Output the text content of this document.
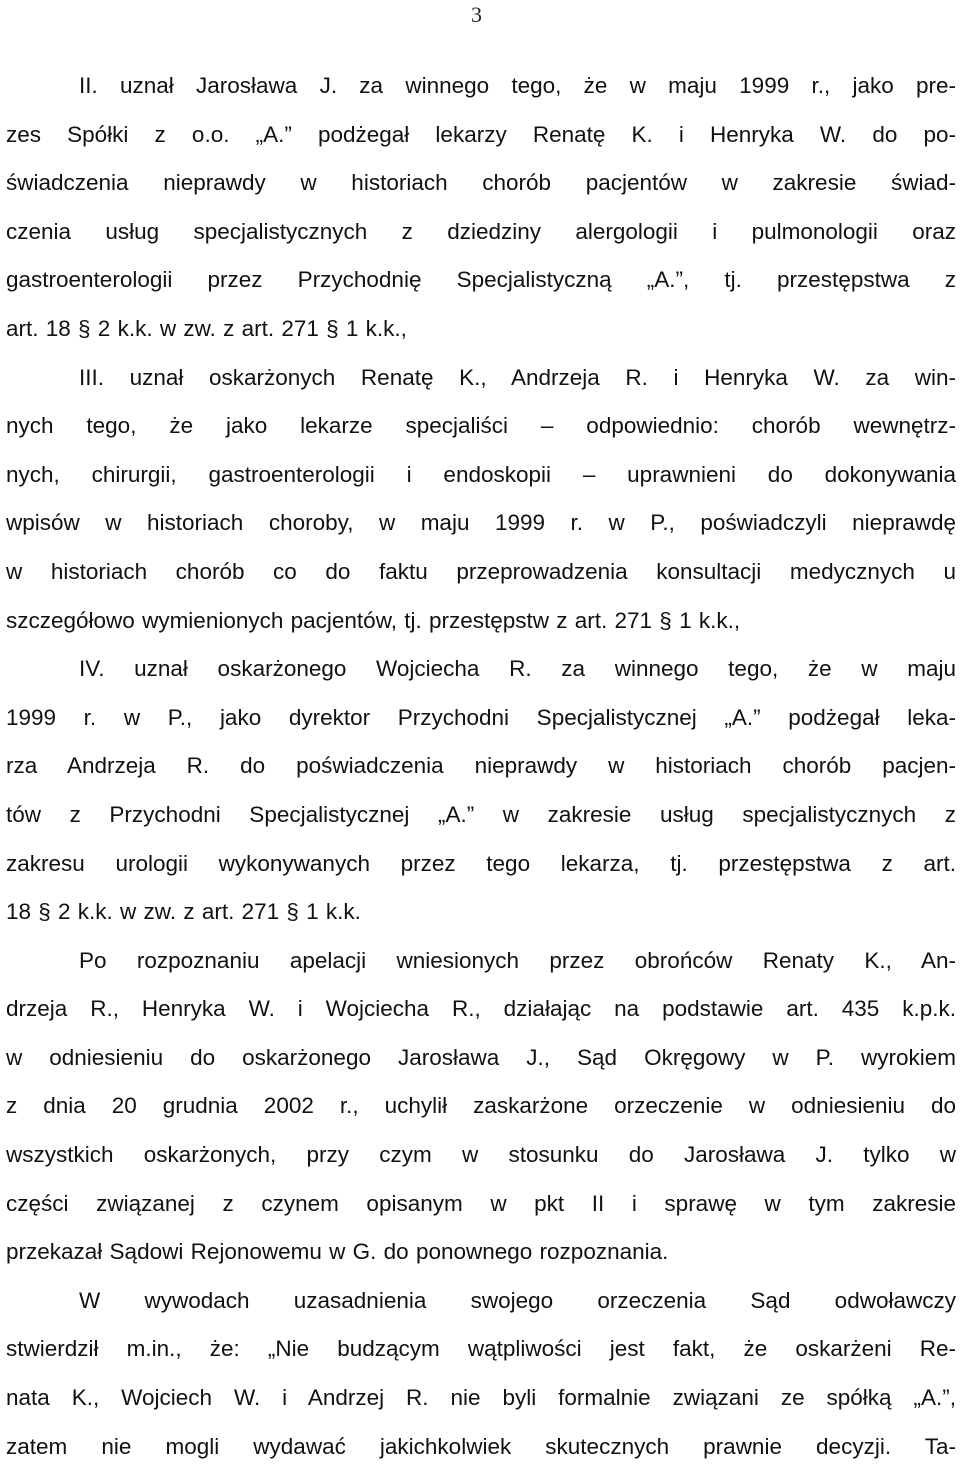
3
II. uznał Jarosława J. za winnego tego, że w maju 1999 r., jako pre-
zes Spółki z o.o. „A.” podżegał lekarzy Renatę K. i Henryka W. do po-
świadczenia nieprawdy w historiach chorób pacjentów w zakresie świad-
czenia usług specjalistycznych z dziedziny alergologii i pulmonologii oraz
gastroenterologii przez Przychodnię Specjalistyczną „A.”, tj. przestępstwa z
art. 18 § 2 k.k. w zw. z art. 271 § 1 k.k.,
III. uznał oskarżonych Renatę K., Andrzeja R. i Henryka W. za win-
nych tego, że jako lekarze specjaliści – odpowiednio: chorób wewnętrz-
nych, chirurgii, gastroenterologii i endoskopii – uprawnieni do dokonywania
wpisów w historiach choroby, w maju 1999 r. w P., poświadczyli nieprawdę
w historiach chorób co do faktu przeprowadzenia konsultacji medycznych u
szczegółowo wymienionych pacjentów, tj. przestępstw z art. 271 § 1 k.k.,
IV. uznał oskarżonego Wojciecha R. za winnego tego, że w maju
1999 r. w P., jako dyrektor Przychodni Specjalistycznej „A.” podżegał leka-
rza Andrzeja R. do poświadczenia nieprawdy w historiach chorób pacjen-
tów z Przychodni Specjalistycznej „A.” w zakresie usług specjalistycznych z
zakresu urologii wykonywanych przez tego lekarza, tj. przestępstwa z art.
18 § 2 k.k. w zw. z art. 271 § 1 k.k.
Po rozpoznaniu apelacji wniesionych przez obrońców Renaty K., An-
drzeja R., Henryka W. i Wojciecha R., działając na podstawie art. 435 k.p.k.
w odniesieniu do oskarżonego Jarosława J., Sąd Okręgowy w P. wyrokiem
z dnia 20 grudnia 2002 r., uchylił zaskarżone orzeczenie w odniesieniu do
wszystkich oskarżonych, przy czym w stosunku do Jarosława J. tylko w
części związanej z czynem opisanym w pkt II i sprawę w tym zakresie
przekazał Sądowi Rejonowemu w G. do ponownego rozpoznania.
W wywodach uzasadnienia swojego orzeczenia Sąd odwoławczy
stwierdził m.in., że: „Nie budzącym wątpliwości jest fakt, że oskarżeni Re-
nata K., Wojciech W. i Andrzej R. nie byli formalnie związani ze spółką „A.”,
zatem nie mogli wydawać jakichkolwiek skutecznych prawnie decyzji. Ta-
